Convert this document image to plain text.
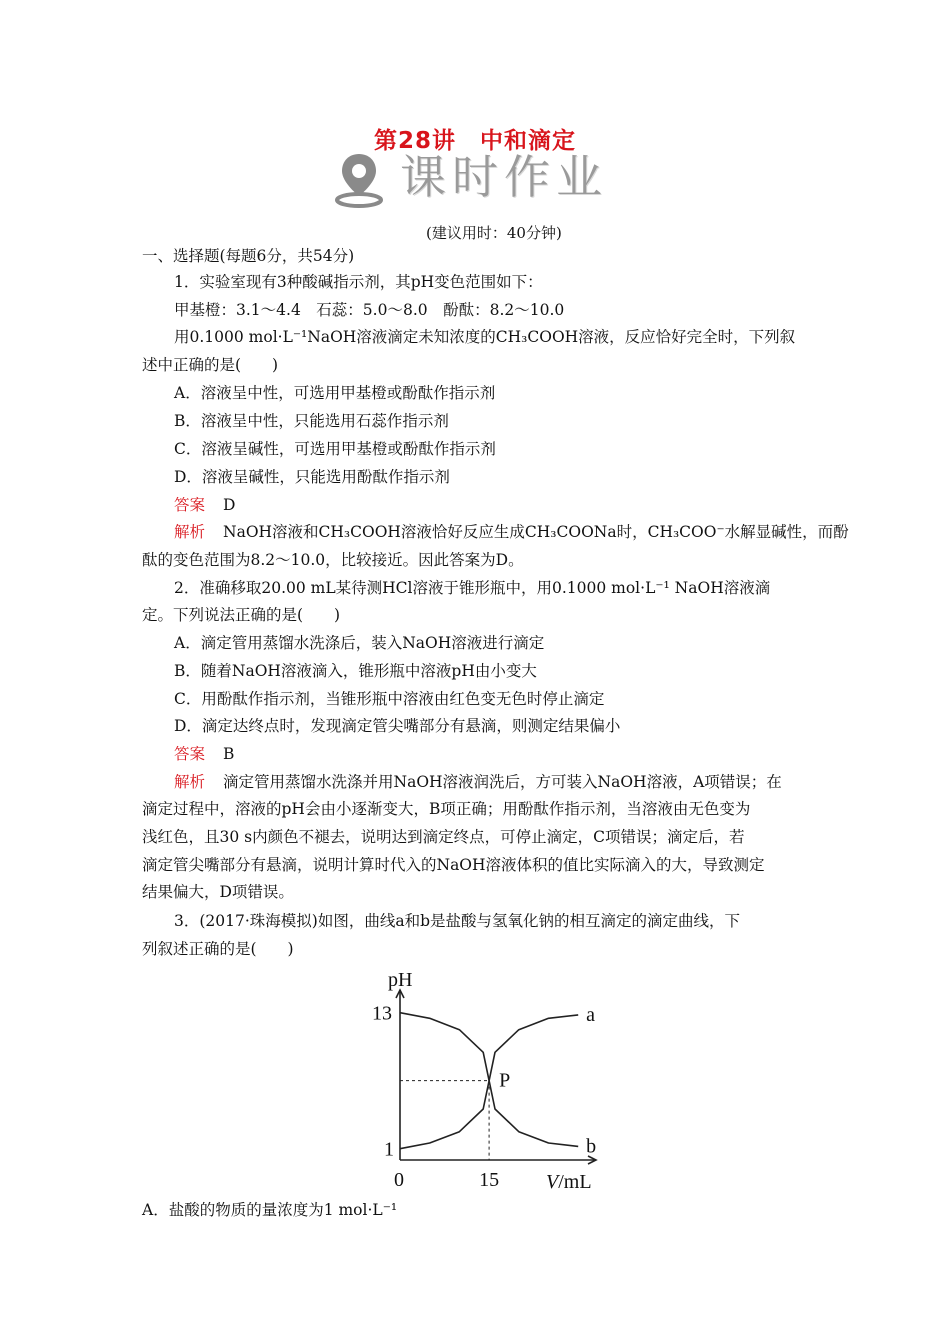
第28讲　中和滴定
课时作业
(建议用时：40分钟)
一、选择题(每题6分，共54分)
1．实验室现有3种酸碱指示剂，其pH变色范围如下：
甲基橙：3.1～4.4　石蕊：5.0～8.0　酚酞：8.2～10.0
用0.1000 mol·L⁻¹NaOH溶液滴定未知浓度的CH₃COOH溶液，反应恰好完全时，下列叙
述中正确的是(　　)
A．溶液呈中性，可选用甲基橙或酚酞作指示剂
B．溶液呈中性，只能选用石蕊作指示剂
C．溶液呈碱性，可选用甲基橙或酚酞作指示剂
D．溶液呈碱性，只能选用酚酞作指示剂
答案 D
解析 NaOH溶液和CH₃COOH溶液恰好反应生成CH₃COONa时，CH₃COO⁻水解显碱性，而酚
酞的变色范围为8.2～10.0，比较接近。因此答案为D。
2．准确移取20.00 mL某待测HCl溶液于锥形瓶中，用0.1000 mol·L⁻¹ NaOH溶液滴
定。下列说法正确的是(　　)
A．滴定管用蒸馏水洗涤后，装入NaOH溶液进行滴定
B．随着NaOH溶液滴入，锥形瓶中溶液pH由小变大
C．用酚酞作指示剂，当锥形瓶中溶液由红色变无色时停止滴定
D．滴定达终点时，发现滴定管尖嘴部分有悬滴，则测定结果偏小
答案 B
解析 滴定管用蒸馏水洗涤并用NaOH溶液润洗后，方可装入NaOH溶液，A项错误；在
滴定过程中，溶液的pH会由小逐渐变大，B项正确；用酚酞作指示剂，当溶液由无色变为
浅红色，且30 s内颜色不褪去，说明达到滴定终点，可停止滴定，C项错误；滴定后，若
滴定管尖嘴部分有悬滴，说明计算时代入的NaOH溶液体积的值比实际滴入的大，导致测定
结果偏大，D项错误。
3．(2017·珠海模拟)如图，曲线a和b是盐酸与氢氧化钠的相互滴定的滴定曲线，下
列叙述正确的是(　　)
a
b
P
13
1
0	15
pH
V/mL
A．盐酸的物质的量浓度为1 mol·L⁻¹
